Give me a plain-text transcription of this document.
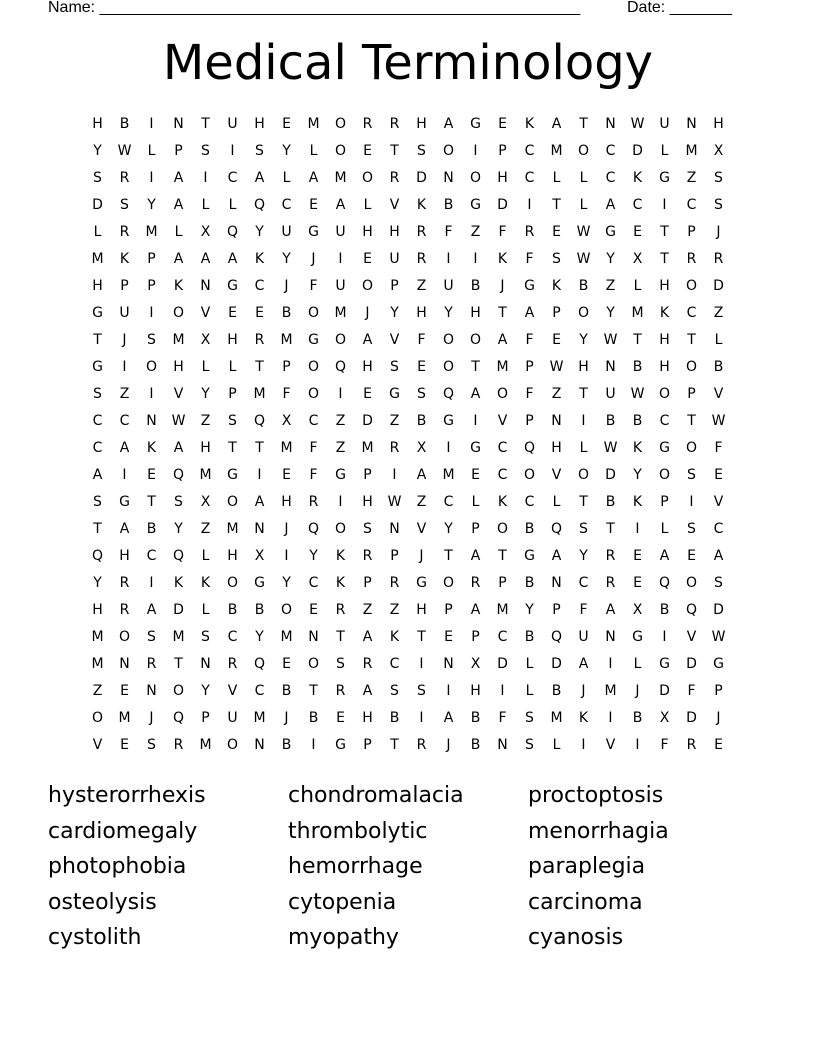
Name: ______________________________________________________	Date: _______
Medical Terminology
H	B	I	N	T	U	H	E	M	O	R	R	H	A	G	E	K	A	T	N	W	U	N	H
Y	W	L	P	S	I	S	Y	L	O	E	T	S	O	I	P	C	M	O	C	D	L	M	X
S	R	I	A	I	C	A	L	A	M	O	R	D	N	O	H	C	L	L	C	K	G	Z	S
D	S	Y	A	L	L	Q	C	E	A	L	V	K	B	G	D	I	T	L	A	C	I	C	S
L	R	M	L	X	Q	Y	U	G	U	H	H	R	F	Z	F	R	E	W	G	E	T	P	J
M	K	P	A	A	A	K	Y	J	I	E	U	R	I	I	K	F	S	W	Y	X	T	R	R
H	P	P	K	N	G	C	J	F	U	O	P	Z	U	B	J	G	K	B	Z	L	H	O	D
G	U	I	O	V	E	E	B	O	M	J	Y	H	Y	H	T	A	P	O	Y	M	K	C	Z
T	J	S	M	X	H	R	M	G	O	A	V	F	O	O	A	F	E	Y	W	T	H	T	L
G	I	O	H	L	L	T	P	O	Q	H	S	E	O	T	M	P	W	H	N	B	H	O	B
S	Z	I	V	Y	P	M	F	O	I	E	G	S	Q	A	O	F	Z	T	U	W	O	P	V
C	C	N	W	Z	S	Q	X	C	Z	D	Z	B	G	I	V	P	N	I	B	B	C	T	W
C	A	K	A	H	T	T	M	F	Z	M	R	X	I	G	C	Q	H	L	W	K	G	O	F
A	I	E	Q	M	G	I	E	F	G	P	I	A	M	E	C	O	V	O	D	Y	O	S	E
S	G	T	S	X	O	A	H	R	I	H	W	Z	C	L	K	C	L	T	B	K	P	I	V
T	A	B	Y	Z	M	N	J	Q	O	S	N	V	Y	P	O	B	Q	S	T	I	L	S	C
Q	H	C	Q	L	H	X	I	Y	K	R	P	J	T	A	T	G	A	Y	R	E	A	E	A
Y	R	I	K	K	O	G	Y	C	K	P	R	G	O	R	P	B	N	C	R	E	Q	O	S
H	R	A	D	L	B	B	O	E	R	Z	Z	H	P	A	M	Y	P	F	A	X	B	Q	D
M	O	S	M	S	C	Y	M	N	T	A	K	T	E	P	C	B	Q	U	N	G	I	V	W
M	N	R	T	N	R	Q	E	O	S	R	C	I	N	X	D	L	D	A	I	L	G	D	G
Z	E	N	O	Y	V	C	B	T	R	A	S	S	I	H	I	L	B	J	M	J	D	F	P
O	M	J	Q	P	U	M	J	B	E	H	B	I	A	B	F	S	M	K	I	B	X	D	J
V	E	S	R	M	O	N	B	I	G	P	T	R	J	B	N	S	L	I	V	I	F	R	E
hysterorrhexis
cardiomegaly
photophobia
osteolysis
cystolith
chondromalacia
thrombolytic
hemorrhage
cytopenia
myopathy
proctoptosis
menorrhagia
paraplegia
carcinoma
cyanosis
